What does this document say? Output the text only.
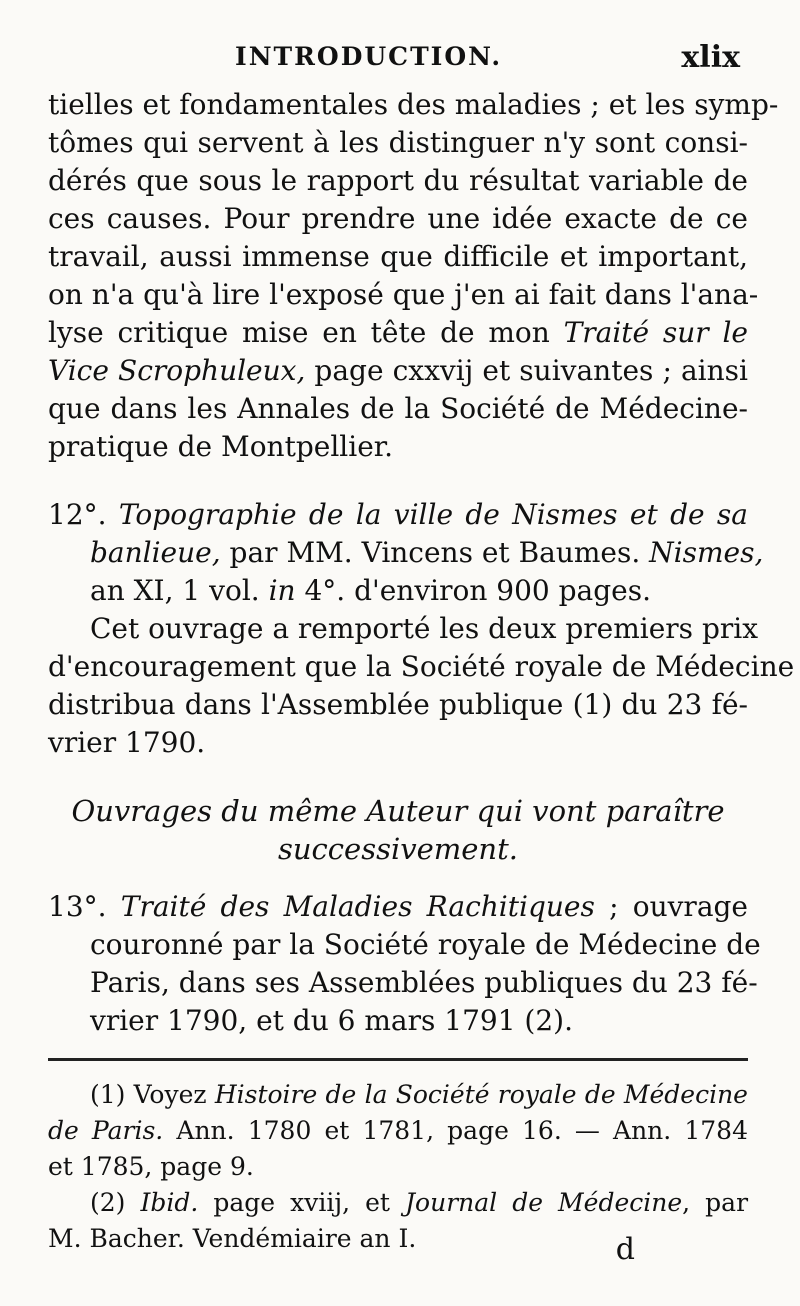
INTRODUCTION.	xlix
tielles et fondamentales des maladies ; et les symp-
tômes qui servent à les distinguer n'y sont consi-
dérés que sous le rapport du résultat variable de
ces causes. Pour prendre une idée exacte de ce
travail, aussi immense que difficile et important,
on n'a qu'à lire l'exposé que j'en ai fait dans l'ana-
lyse critique mise en tête de mon Traité sur le
Vice Scrophuleux, page cxxvij et suivantes ; ainsi
que dans les Annales de la Société de Médecine-
pratique de Montpellier.
12°. Topographie de la ville de Nismes et de sa
banlieue, par MM. Vincens et Baumes. Nismes,
an XI, 1 vol. in 4°. d'environ 900 pages.
Cet ouvrage a remporté les deux premiers prix
d'encouragement que la Société royale de Médecine
distribua dans l'Assemblée publique (1) du 23 fé-
vrier 1790.
Ouvrages du même Auteur qui vont paraître
successivement.
13°. Traité des Maladies Rachitiques ; ouvrage
couronné par la Société royale de Médecine de
Paris, dans ses Assemblées publiques du 23 fé-
vrier 1790, et du 6 mars 1791 (2).
(1) Voyez Histoire de la Société royale de Médecine
de Paris. Ann. 1780 et 1781, page 16. — Ann. 1784
et 1785, page 9.
(2) Ibid. page xviij, et Journal de Médecine, par
M. Bacher. Vendémiaire an I.	d
